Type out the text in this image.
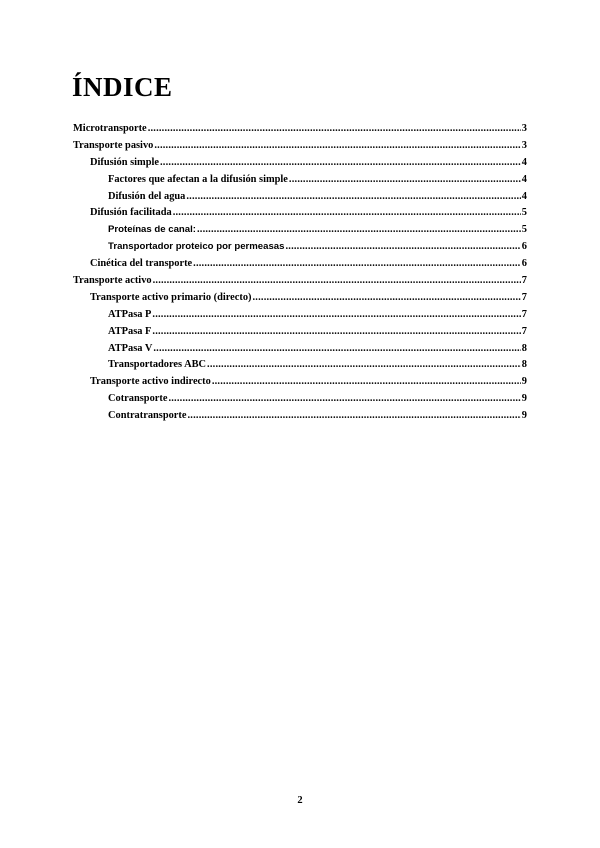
ÍNDICE
Microtransporte .....	3
Transporte pasivo .....	3
Difusión simple .....	4
Factores que afectan a la difusión simple .....	4
Difusión del agua .....	4
Difusión facilitada .....	5
Proteínas de canal: .....	5
Transportador proteico por permeasas .....	6
Cinética del transporte .....	6
Transporte activo .....	7
Transporte activo primario (directo) .....	7
ATPasa P .....	7
ATPasa F .....	7
ATPasa V .....	8
Transportadores ABC .....	8
Transporte activo indirecto .....	9
Cotransporte .....	9
Contratransporte .....	9
2
